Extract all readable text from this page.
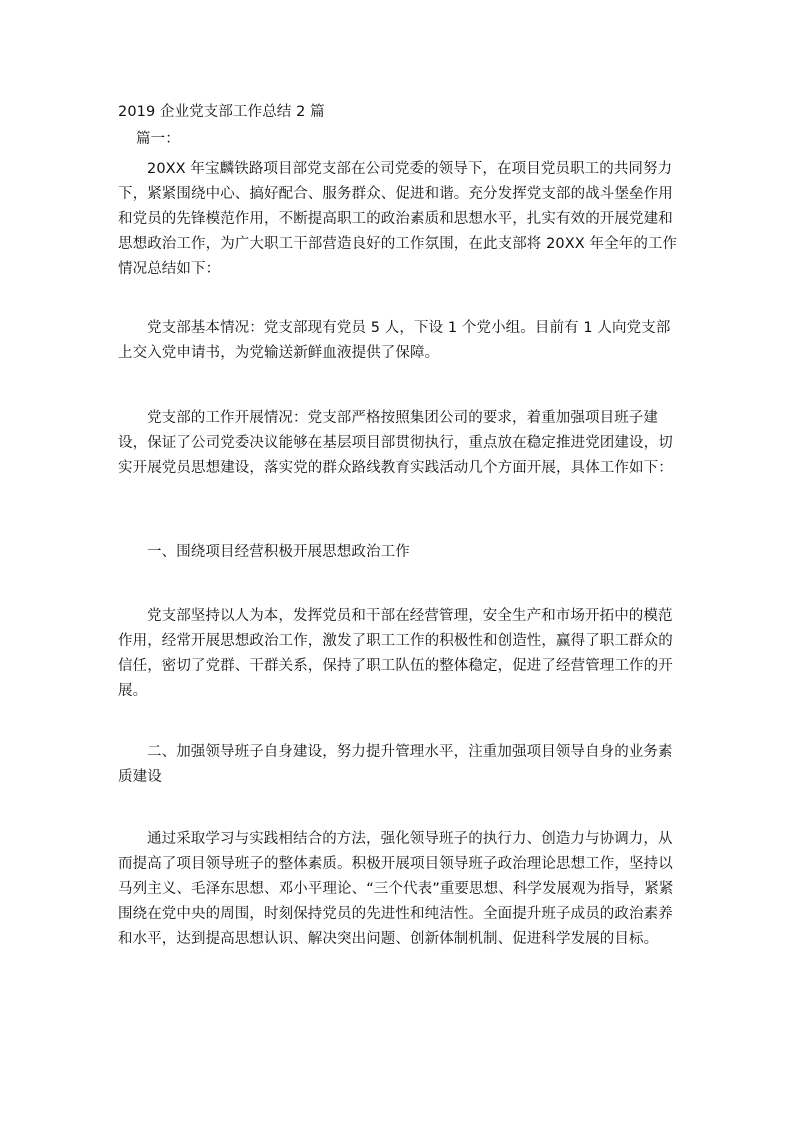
2019 企业党支部工作总结 2 篇
篇一：
20XX 年宝麟铁路项目部党支部在公司党委的领导下，在项目党员职工的共同努力下，紧紧围绕中心、搞好配合、服务群众、促进和谐。充分发挥党支部的战斗堡垒作用和党员的先锋模范作用，不断提高职工的政治素质和思想水平，扎实有效的开展党建和思想政治工作，为广大职工干部营造良好的工作氛围，在此支部将 20XX 年全年的工作情况总结如下：
党支部基本情况：党支部现有党员 5 人，下设 1 个党小组。目前有 1 人向党支部上交入党申请书，为党输送新鲜血液提供了保障。
党支部的工作开展情况：党支部严格按照集团公司的要求，着重加强项目班子建设，保证了公司党委决议能够在基层项目部贯彻执行，重点放在稳定推进党团建设，切实开展党员思想建设，落实党的群众路线教育实践活动几个方面开展，具体工作如下：
一、围绕项目经营积极开展思想政治工作
党支部坚持以人为本，发挥党员和干部在经营管理，安全生产和市场开拓中的模范作用，经常开展思想政治工作，激发了职工工作的积极性和创造性，赢得了职工群众的信任，密切了党群、干群关系，保持了职工队伍的整体稳定，促进了经营管理工作的开展。
二、加强领导班子自身建设，努力提升管理水平，注重加强项目领导自身的业务素质建设
通过采取学习与实践相结合的方法，强化领导班子的执行力、创造力与协调力，从而提高了项目领导班子的整体素质。积极开展项目领导班子政治理论思想工作，坚持以马列主义、毛泽东思想、邓小平理论、“三个代表”重要思想、科学发展观为指导，紧紧围绕在党中央的周围，时刻保持党员的先进性和纯洁性。全面提升班子成员的政治素养和水平，达到提高思想认识、解决突出问题、创新体制机制、促进科学发展的目标。
